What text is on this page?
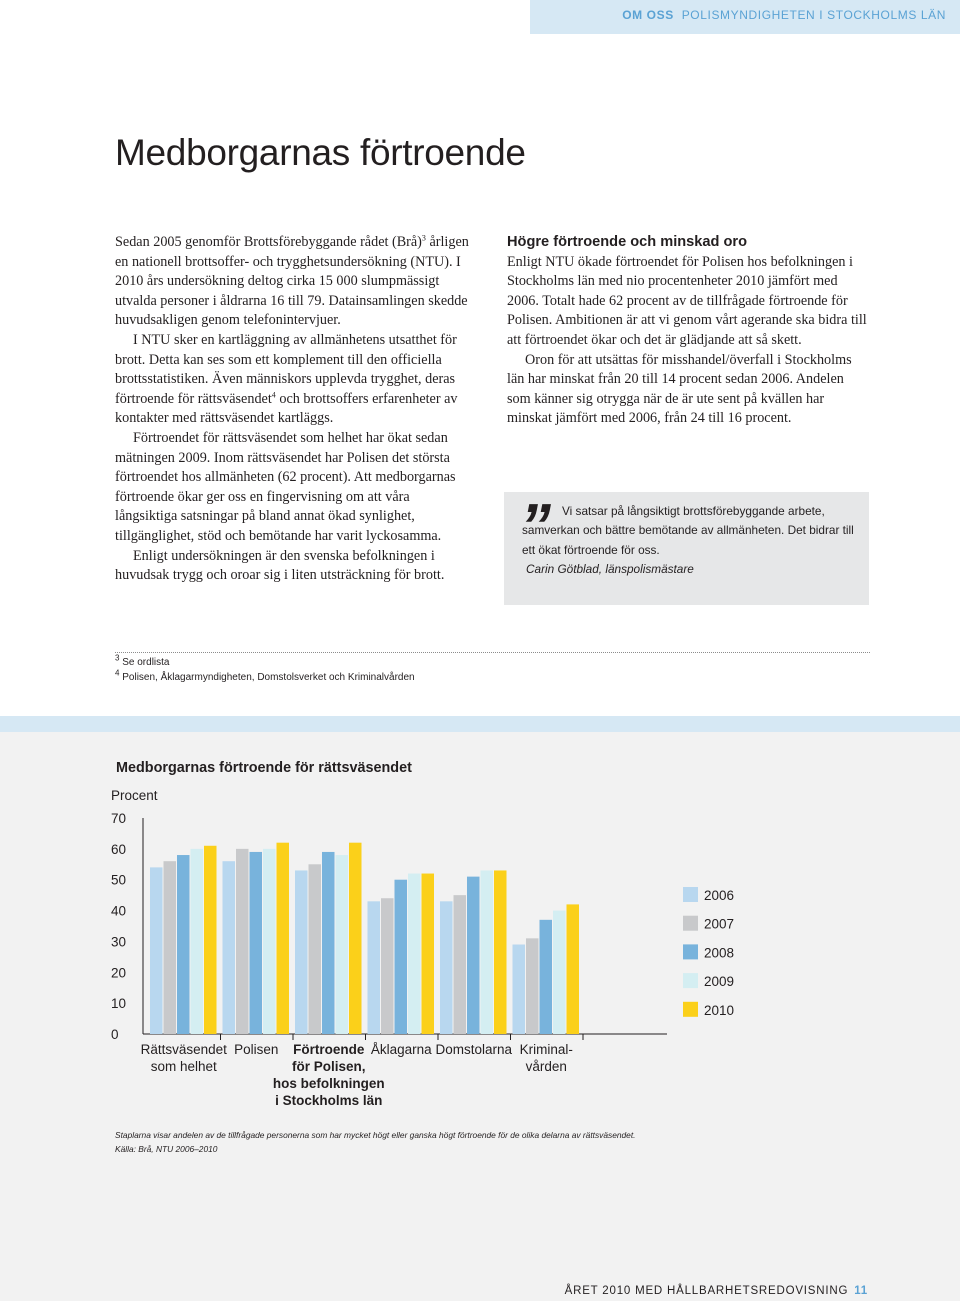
OM OSS POLISMYNDIGHETEN I STOCKHOLMS LÄN
Medborgarnas förtroende

Sedan 2005 genomför Brottsförebyggande rådet (Brå)$^3$ årligen en nationell brottsoffer- och trygghetsundersökning (NTU). I 2010 års undersökning deltog cirka 15 000 slumpmässigt utvalda personer i åldrarna 16 till 79. Datainsamlingen skedde huvudsakligen genom telefonintervjuer.

I NTU sker en kartläggning av allmänhetens utsatthet för brott. Detta kan ses som ett komplement till den officiella brottsstatistiken. Även människors upplevda trygghet, deras förtroende för rättsväsendet$^4$ och brottsoffers erfarenheter av kontakter med rättsväsendet kartläggs.

Förtroendet för rättsväsendet som helhet har ökat sedan mätningen 2009. Inom rättsväsendet har Polisen det största förtroendet hos allmänheten (62 procent). Att medborgarnas förtroende ökar ger oss en fingervisning om att våra långsiktiga satsningar på bland annat ökad synlighet, tillgänglighet, stöd och bemötande har varit lyckosamma.

Enligt undersökningen är den svenska befolkningen i huvudsak trygg och oroar sig i liten utsträckning för brott.

Högre förtroende och minskad oro

Enligt NTU ökade förtroendet för Polisen hos befolkningen i Stockholms län med nio procentenheter 2010 jämfört med 2006. Totalt hade 62 procent av de tillfrågade förtroende för Polisen. Ambitionen är att vi genom vårt agerande ska bidra till att förtroendet ökar och det är glädjande att så skett.

Oron för att utsättas för misshandel/överfall i Stockholms län har minskat från 20 till 14 procent sedan 2006. Andelen som känner sig otrygga när de är ute sent på kvällen har minskat jämfört med 2006, från 24 till 16 procent.

” Vi satsar på långsiktigt brottsförebyggande arbete, samverkan och bättre bemötande av allmänheten. Det bidrar till ett ökat förtroende för oss.
Carin Götblad, länspolismästare
$^3$ Se ordlista
$^4$ Polisen, Åklagarmyndigheten, Domstolsverket och Kriminalvården
Medborgarnas förtroende för rättsväsendet
Procent
0
10
20
30
40
50
60
70
Rättsväsendet
som helhet
Polisen Förtroende
för Polisen,
hos befolkningen
i Stockholms län
Åklagarna Domstolarna Kriminal-
vården
2006
2007
2008
2009
2010
Staplarna visar andelen av de tillfrågade personerna som har mycket högt eller ganska högt förtroende för de olika delarna av rättsväsendet.
Källa: Brå, NTU 2006–2010
ÅRET 2010 MED HÅLLBARHETSREDOVISNING 11
